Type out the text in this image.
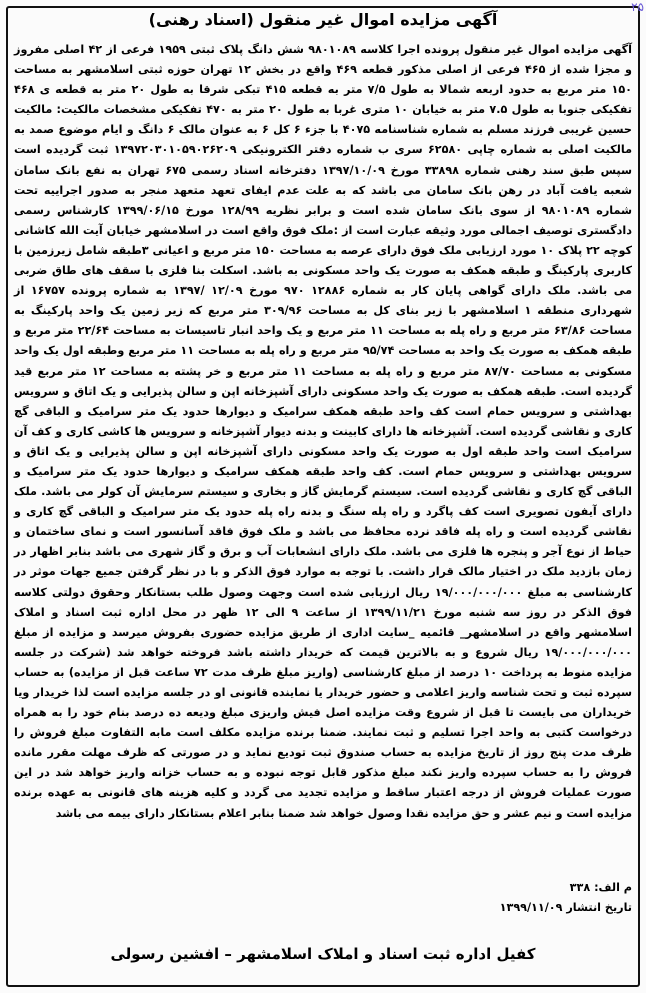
۲۵
آگهی مزایده اموال غیر منقول (اسناد رهنی)

آگهی مزایده اموال غیر منقول پرونده اجرا کلاسه ۹۸۰۱۰۸۹ شش دانگ پلاک ثبتی ۱۹۵۹ فرعی از ۴۲ اصلی مفروز و مجزا شده از ۴۶۵ فرعی از اصلی مذکور قطعه ۴۶۹ واقع در بخش ۱۲ تهران حوزه ثبتی اسلامشهر به مساحت ۱۵۰ متر مربع به حدود اربعه شمالا به طول ۷/۵ متر به قطعه ۴۱۵ تبکی شرقا به طول ۲۰ متر به قطعه ی ۴۶۸ تفکیکی جنوبا به طول ۷.۵ متر به خیابان ۱۰ متری غربا به طول ۲۰ متر به ۴۷۰ تفکیکی مشخصات مالکیت: مالکیت حسین غریبی فرزند مسلم به شماره شناسنامه ۴۰۷۵ با جزء ۶ کل ۶ به عنوان مالک ۶ دانگ و ایام موضوع صمد به مالکیت اصلی به شماره چاپی ۶۲۵۸۰ سری ب شماره دفتر الکترونیکی ۱۳۹۷۲۰۳۰۱۰۵۹۰۲۶۲۰۹ ثبت گردیده است سپس طبق سند رهنی شماره ۳۳۸۹۸ مورخ ۱۳۹۷/۱۰/۰۹ دفترخانه اسناد رسمی ۶۷۵ تهران به نفع بانک سامان شعبه یافت آباد در رهن بانک سامان می باشد که به علت عدم ایفای تعهد متعهد منجر به صدور اجراییه تحت شماره ۹۸۰۱۰۸۹ از سوی بانک سامان شده است و برابر نظریه ۱۲۸/۹۹ مورخ ۱۳۹۹/۰۶/۱۵ کارشناس رسمی دادگستری توصیف اجمالی مورد وثیقه عبارت است از :ملک فوق واقع است در اسلامشهر خیابان آیت الله کاشانی کوچه ۲۲ پلاک ۱۰ مورد ارزیابی ملک فوق دارای عرصه به مساحت ۱۵۰ متر مربع و اعیانی ۳طبقه شامل زیرزمین با کاربری پارکینگ و طبقه همکف به صورت یک واحد مسکونی به باشد. اسکلت بنا فلزی با سقف های طاق ضربی می باشد. ملک دارای گواهی پایان کار به شماره ۱۲۸۸۶ ۹۷۰ مورخ ۱۲/۰۹ /۱۳۹۷ به شماره پرونده ۱۶۷۵۷ از شهرداری منطقه ۱ اسلامشهر با زیر بنای کل به مساحت ۳۰۹/۹۶ متر مربع که زیر زمین یک واحد پارکینگ به مساحت ۶۳/۸۶ متر مربع و راه پله به مساحت ۱۱ متر مربع و یک واحد انبار تاسیسات به مساحت ۲۲/۶۴ متر مربع و طبقه همکف به صورت یک واحد به مساحت ۹۵/۷۴ متر مربع و راه پله به مساحت ۱۱ متر مربع وطبقه اول یک واحد مسکونی به مساحت ۸۷/۷۰ متر مربع و راه پله به مساحت ۱۱ متر مربع و خر پشته به مساحت ۱۲ متر مربع قید گردیده است. طبقه همکف به صورت یک واحد مسکونی دارای آشپزخانه اپن و سالن پذیرایی و یک اتاق و سرویس بهداشتی و سرویس حمام است کف واحد طبقه همکف سرامیک و دیوارها حدود یک متر سرامیک و الباقی گچ کاری و نقاشی گردیده است. آشپزخانه ها دارای کابینت و بدنه دیوار آشپزخانه و سرویس ها کاشی کاری و کف آن سرامیک است واحد طبقه اول به صورت یک واحد مسکونی دارای آشپزخانه اپن و سالن پذیرایی و یک اتاق و سرویس بهداشتی و سرویس حمام است. کف واحد طبقه همکف سرامیک و دیوارها حدود یک متر سرامیک و الباقی گچ کاری و نقاشی گردیده است. سیستم گرمایش گاز و بخاری و سیستم سرمایش آن کولر می باشد. ملک دارای آیفون تصویری است کف پاگرد و راه پله سنگ و بدنه راه پله حدود یک متر سرامیک و الباقی گچ کاری و نقاشی گردیده است و راه پله فاقد نرده محافظ می باشد و ملک فوق فاقد آسانسور است و نمای ساختمان و حیاط از نوع آجر و پنجره ها فلزی می باشد. ملک دارای انشعابات آب و برق و گاز شهری می باشد بنابر اظهار در زمان بازدید ملک در اختیار مالک قرار داشت. با توجه به موارد فوق الذکر و با در نظر گرفتن جمیع جهات موثر در کارشناسی به مبلغ ۱۹/۰۰۰/۰۰۰/۰۰۰ ریال ارزیابی شده است وجهت وصول طلب بستانکار وحقوق دولتی کلاسه فوق الذکر در روز سه شنبه مورخ ۱۳۹۹/۱۱/۲۱ از ساعت ۹ الی ۱۲ ظهر در محل اداره ثبت اسناد و املاک اسلامشهر واقع در اسلامشهر_ قائمیه _سایت اداری از طریق مزایده حضوری بفروش میرسد و مزایده از مبلغ ۱۹/۰۰۰/۰۰۰/۰۰۰ ریال شروع و به بالاترین قیمت که خریدار داشته باشد فروخته خواهد شد (شرکت در جلسه مزایده منوط به پرداخت ۱۰ درصد از مبلغ کارشناسی (واریز مبلغ ظرف مدت ۷۲ ساعت قبل از مزایده) به حساب سپرده ثبت و تحت شناسه واریز اعلامی و حضور خریدار یا نماینده قانونی او در جلسه مزایده است لذا خریدار ویا خریداران می بایست تا قبل از شروع وقت مزایده اصل فیش واریزی مبلغ ودیعه ده درصد بنام خود را به همراه درخواست کتبی به واحد اجرا تسلیم و ثبت نمایند. ضمنا برنده مزایده مکلف است مابه التفاوت مبلغ فروش را ظرف مدت پنج روز از تاریخ مزایده به حساب صندوق ثبت تودیع نماید و در صورتی که ظرف مهلت مقرر مانده فروش را به حساب سپرده واریز نکند مبلغ مذکور قابل توجه نبوده و به حساب خزانه واریز خواهد شد در این صورت عملیات فروش از درجه اعتبار ساقط و مزایده تجدید می گردد و کلیه هزینه های قانونی به عهده برنده مزایده است و نیم عشر و حق مزایده نقدا وصول خواهد شد ضمنا بنابر اعلام بستانکار دارای بیمه می باشد

م الف: ۳۳۸
تاریخ انتشار ۱۳۹۹/۱۱/۰۹
کفیل اداره ثبت اسناد و املاک اسلامشهر – افشین رسولی
